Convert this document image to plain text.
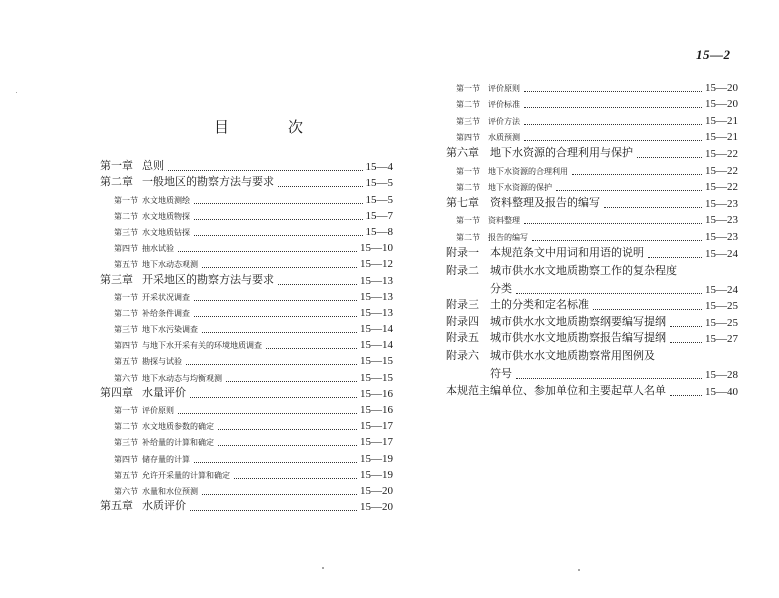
15—2
目	次
第一章 总则	15—4
第二章 一般地区的勘察方法与要求	15—5
第一节 水文地质测绘	15—5
第二节 水文地质物探	15—7
第三节 水文地质钻探	15—8
第四节 抽水试验	15—10
第五节 地下水动态观测	15—12
第三章 开采地区的勘察方法与要求	15—13
第一节 开采状况调查	15—13
第二节 补给条件调查	15—13
第三节 地下水污染调查	15—14
第四节 与地下水开采有关的环境地质调查	15—14
第五节 勘探与试验	15—15
第六节 地下水动态与均衡观测	15—15
第四章 水量评价	15—16
第一节 评价原则	15—16
第二节 水文地质参数的确定	15—17
第三节 补给量的计算和确定	15—17
第四节 储存量的计算	15—19
第五节 允许开采量的计算和确定	15—19
第六节 水量和水位预测	15—20
第五章 水质评价	15—20
第一节	评价原则	15—20
第二节	评价标准	15—20
第三节	评价方法	15—21
第四节	水质预测	15—21
第六章	地下水资源的合理利用与保护	15—22
第一节	地下水资源的合理利用	15—22
第二节	地下水资源的保护	15—22
第七章	资料整理及报告的编写	15—23
第一节	资料整理	15—23
第二节	报告的编写	15—23
附录一	本规范条文中用词和用语的说明	15—24
附录二	城市供水水文地质勘察工作的复杂程度
分类	15—24
附录三	土的分类和定名标准	15—25
附录四	城市供水水文地质勘察纲要编写提纲	15—25
附录五	城市供水水文地质勘察报告编写提纲	15—27
附录六	城市供水水文地质勘察常用图例及
符号	15—28
本规范主编单位、参加单位和主要起草人名单	15—40
